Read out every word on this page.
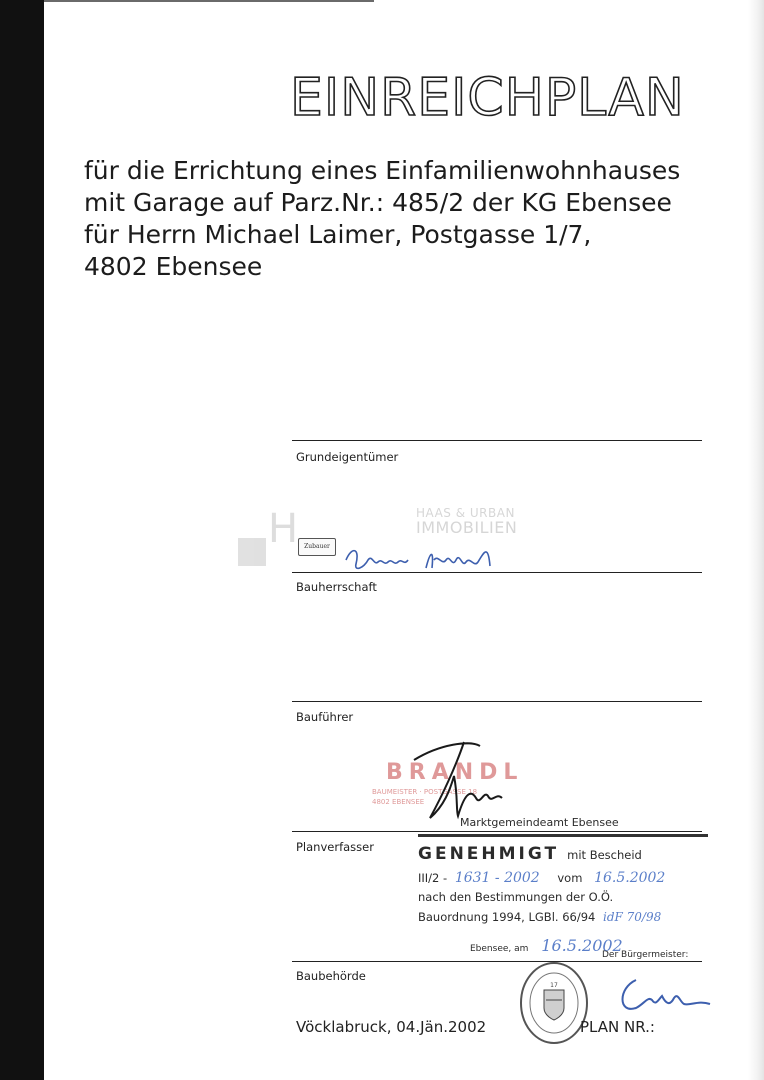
EINREICHPLAN
für die Errichtung eines Einfamilienwohnhauses
mit Garage auf Parz.Nr.: 485/2 der KG Ebensee
für Herrn Michael Laimer, Postgasse 1/7,
4802 Ebensee
Grundeigentümer
H	HAAS & URBAN
IMMOBILIEN
Zubauer
Bauherrschaft
Bauführer
BRANDL
BAUMEISTER · POSTGASSE 18
4802 EBENSEE
Marktgemeindeamt Ebensee
GENEHMIGT mit Bescheid
III/2 - 1631 - 2002 vom 16.5.2002
nach den Bestimmungen der O.Ö.
Bauordnung 1994, LGBl. 66/94 idF 70/98
Ebensee, am 16.5.2002
Der Bürgermeister:
Planverfasser
Baubehörde
17
Vöcklabruck, 04.Jän.2002	PLAN NR.:
